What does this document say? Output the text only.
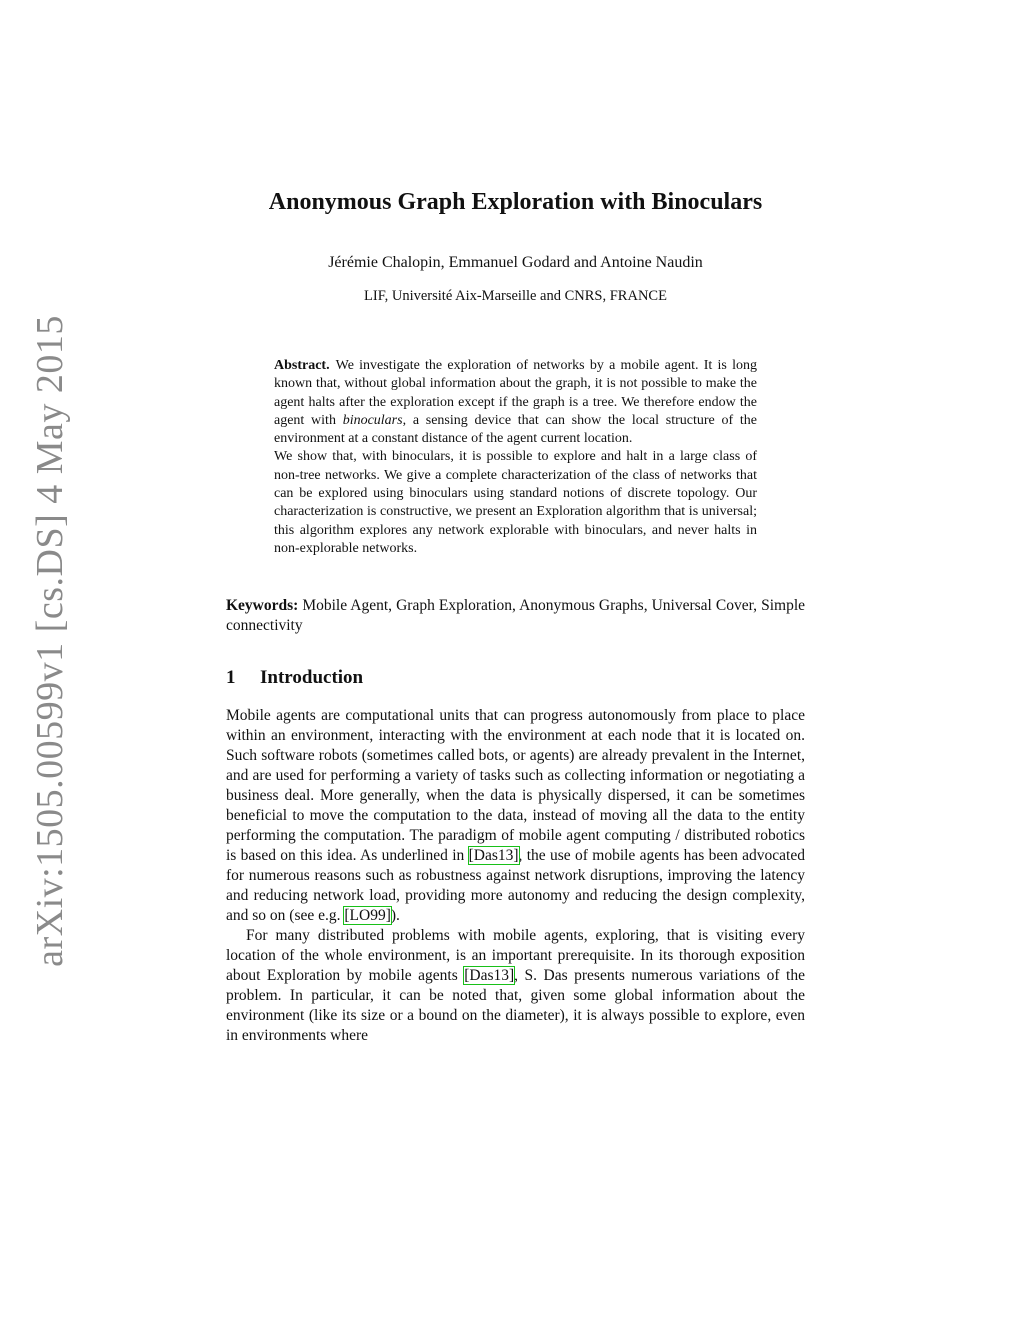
arXiv:1505.00599v1 [cs.DS] 4 May 2015
Anonymous Graph Exploration with Binoculars
Jérémie Chalopin, Emmanuel Godard and Antoine Naudin
LIF, Université Aix-Marseille and CNRS, FRANCE

Abstract. We investigate the exploration of networks by a mobile agent. It is long known that, without global information about the graph, it is not possible to make the agent halts after the exploration except if the graph is a tree. We therefore endow the agent with binoculars, a sensing device that can show the local structure of the environment at a constant distance of the agent current location.

We show that, with binoculars, it is possible to explore and halt in a large class of non-tree networks. We give a complete characterization of the class of networks that can be explored using binoculars using standard notions of discrete topology. Our characterization is constructive, we present an Exploration algorithm that is universal; this algorithm explores any network explorable with binoculars, and never halts in non-explorable networks.

Keywords: Mobile Agent, Graph Exploration, Anonymous Graphs, Universal Cover, Simple connectivity
1 Introduction

Mobile agents are computational units that can progress autonomously from place to place within an environment, interacting with the environment at each node that it is located on. Such software robots (sometimes called bots, or agents) are already prevalent in the Internet, and are used for performing a variety of tasks such as collecting information or negotiating a business deal. More generally, when the data is physically dispersed, it can be sometimes beneficial to move the computation to the data, instead of moving all the data to the entity performing the computation. The paradigm of mobile agent computing / distributed robotics is based on this idea. As underlined in [Das13], the use of mobile agents has been advocated for numerous reasons such as robustness against network disruptions, improving the latency and reducing network load, providing more autonomy and reducing the design complexity, and so on (see e.g. [LO99]).

For many distributed problems with mobile agents, exploring, that is visiting every location of the whole environment, is an important prerequisite. In its thorough exposition about Exploration by mobile agents [Das13], S. Das presents numerous variations of the problem. In particular, it can be noted that, given some global information about the environment (like its size or a bound on the diameter), it is always possible to explore, even in environments where
